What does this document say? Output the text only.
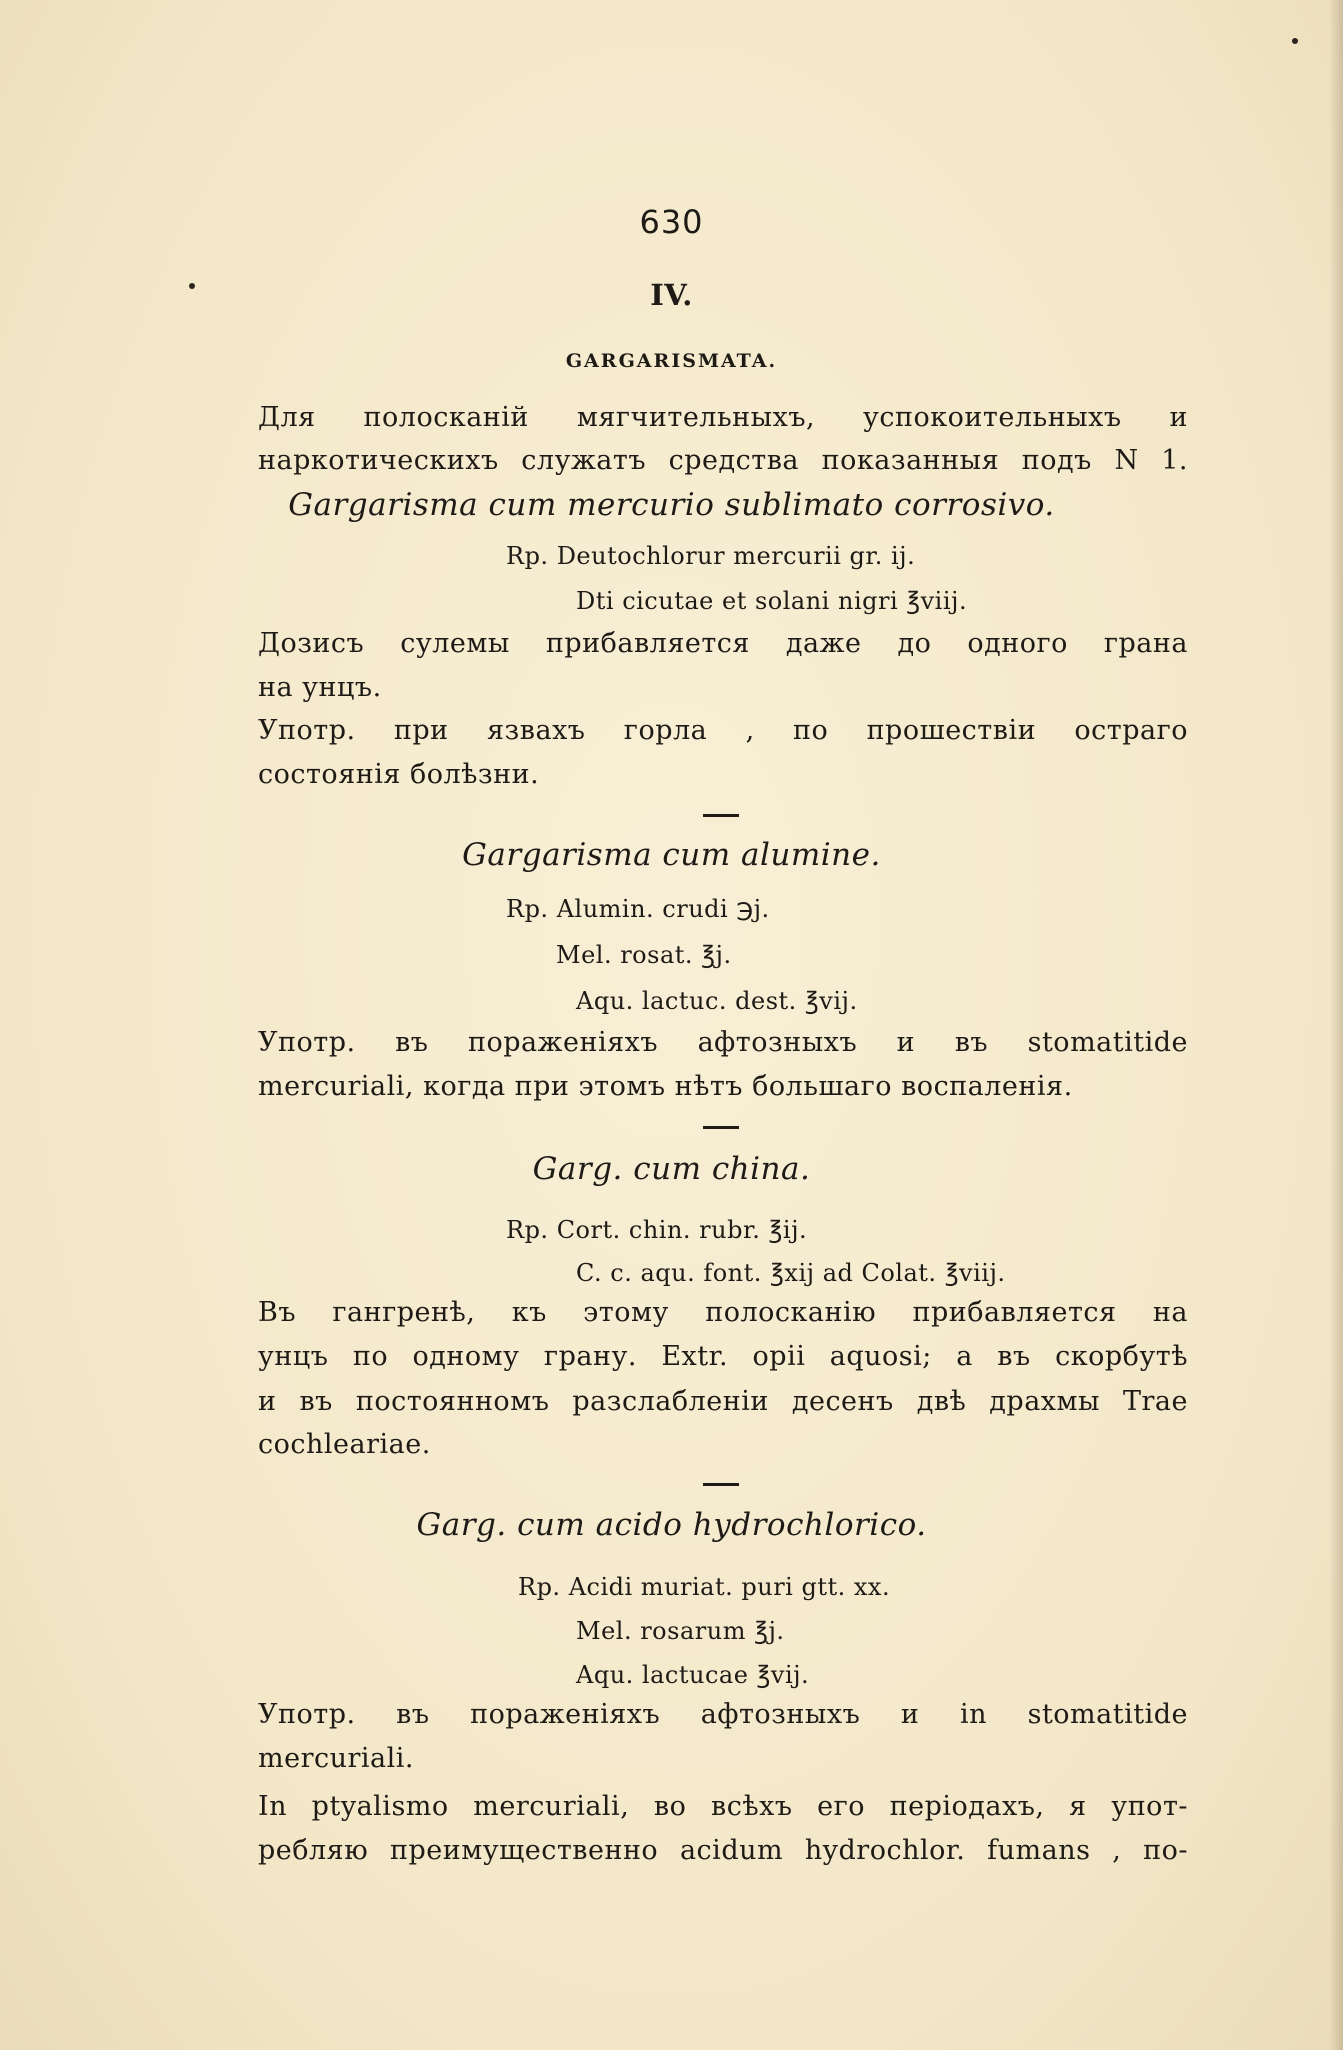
630
IV.
GARGARISMATA.
Для полосканій мягчительныхъ, успокоительныхъ и
наркотическихъ служатъ средства показанныя подъ N 1.
Gargarisma cum mercurio sublimato corrosivo.
Rp. Deutochlorur mercurii gr. ij.
Dti cicutae et solani nigri ℥viij.
Дозисъ сулемы прибавляется даже до одного грана
на унцъ.
Употр. при язвахъ горла , по прошествіи остраго
состоянія болѣзни.
Gargarisma cum alumine.
Rp. Alumin. crudi ℈j.
Mel. rosat. ℥j.
Aqu. lactuc. dest. ℥vij.
Употр. въ пораженіяхъ афтозныхъ и въ stomatitide
mercuriali, когда при этомъ нѣтъ большаго воспаленія.
Garg. cum china.
Rp. Cort. chin. rubr. ℥ij.
C. c. aqu. font. ℥xij ad Colat. ℥viij.
Въ гангренѣ, къ этому полосканію прибавляется на
унцъ по одному грану. Extr. opii aquosi; а въ скорбутѣ
и въ постоянномъ разслабленіи десенъ двѣ драхмы Trae
cochleariae.
Garg. cum acido hydrochlorico.
Rp. Acidi muriat. puri gtt. xx.
Mel. rosarum ℥j.
Aqu. lactucae ℥vij.
Употр. въ пораженіяхъ афтозныхъ и in stomatitide
mercuriali.
In ptyalismo mercuriali, во всѣхъ его періодахъ, я упот-
ребляю преимущественно acidum hydrochlor. fumans , по-
